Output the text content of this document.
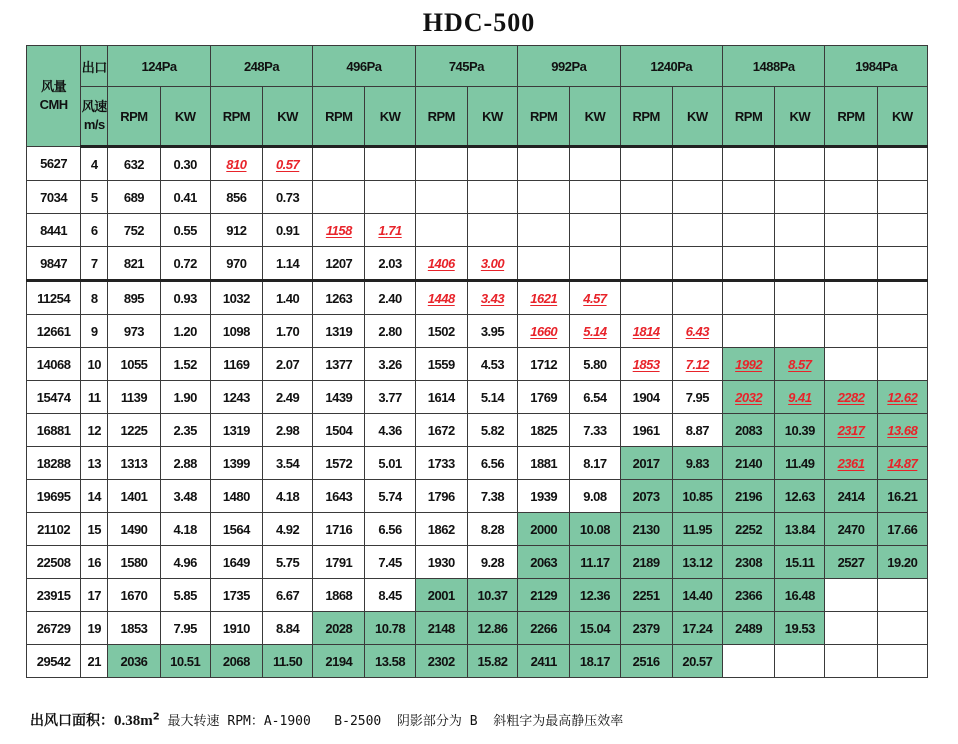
HDC-500
风量
CMH	出口	124Pa		248Pa		496Pa		745Pa		992Pa		1240Pa		1488Pa		1984Pa	

	风速
m/s	RPM	KW	RPM	KW	RPM	KW	RPM	KW	RPM	KW	RPM	KW	RPM	KW	RPM	KW
5627	4	632	0.30	810	0.57												
7034	5	689	0.41	856	0.73												
8441	6	752	0.55	912	0.91	1158	1.71										
9847	7	821	0.72	970	1.14	1207	2.03	1406	3.00								
11254	8	895	0.93	1032	1.40	1263	2.40	1448	3.43	1621	4.57						
12661	9	973	1.20	1098	1.70	1319	2.80	1502	3.95	1660	5.14	1814	6.43				
14068	10	1055	1.52	1169	2.07	1377	3.26	1559	4.53	1712	5.80	1853	7.12	1992	8.57		
15474	11	1139	1.90	1243	2.49	1439	3.77	1614	5.14	1769	6.54	1904	7.95	2032	9.41	2282	12.62
16881	12	1225	2.35	1319	2.98	1504	4.36	1672	5.82	1825	7.33	1961	8.87	2083	10.39	2317	13.68
18288	13	1313	2.88	1399	3.54	1572	5.01	1733	6.56	1881	8.17	2017	9.83	2140	11.49	2361	14.87
19695	14	1401	3.48	1480	4.18	1643	5.74	1796	7.38	1939	9.08	2073	10.85	2196	12.63	2414	16.21
21102	15	1490	4.18	1564	4.92	1716	6.56	1862	8.28	2000	10.08	2130	11.95	2252	13.84	2470	17.66
22508	16	1580	4.96	1649	5.75	1791	7.45	1930	9.28	2063	11.17	2189	13.12	2308	15.11	2527	19.20
23915	17	1670	5.85	1735	6.67	1868	8.45	2001	10.37	2129	12.36	2251	14.40	2366	16.48		
26729	19	1853	7.95	1910	8.84	2028	10.78	2148	12.86	2266	15.04	2379	17.24	2489	19.53		
29542	21	2036	10.51	2068	11.50	2194	13.58	2302	15.82	2411	18.17	2516	20.57				
出风口面积：$0.38m^2$ 最大转速 RPM：A-1900   B-2500  阴影部分为 B  斜粗字为最高静压效率
